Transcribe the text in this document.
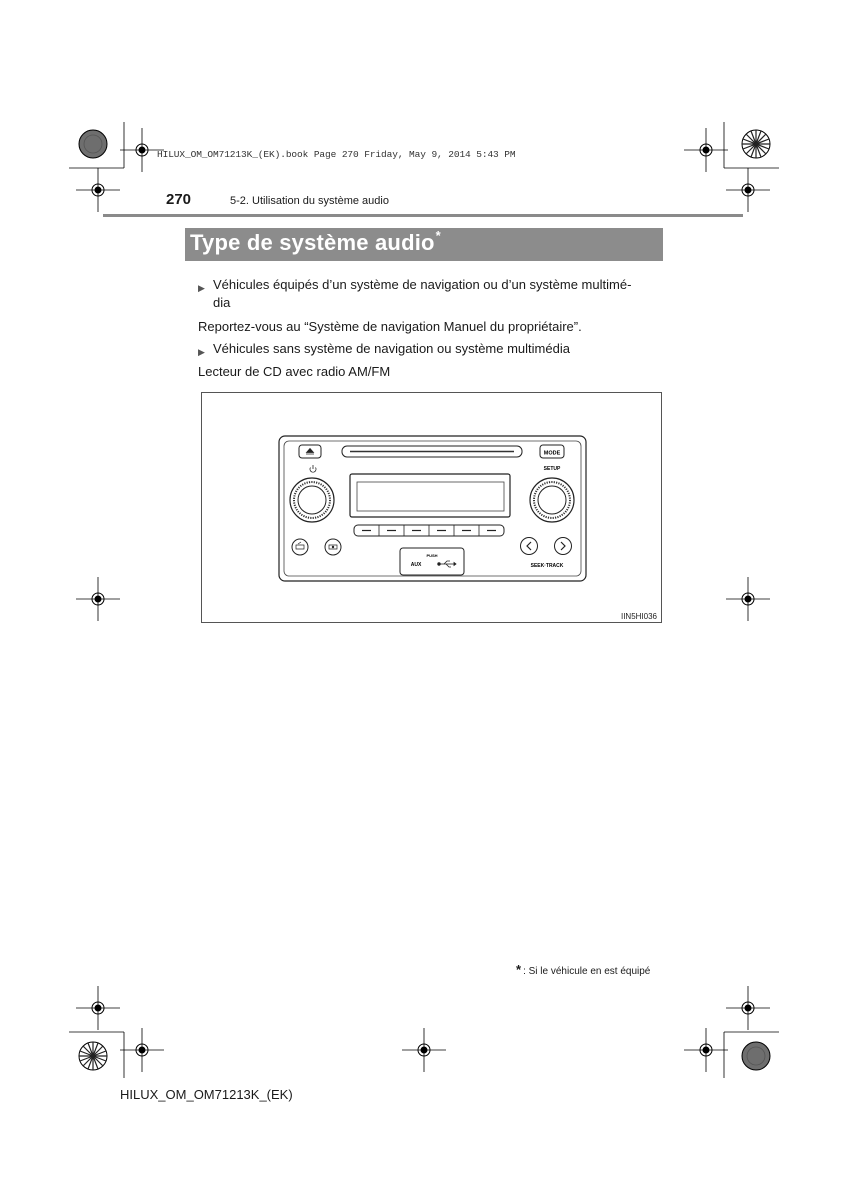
HILUX_OM_OM71213K_(EK).book Page 270 Friday, May 9, 2014 5:43 PM
270	5-2. Utilisation du système audio
Type de système audio*
▶ Véhicules équipés d’un système de navigation ou d’un système multimé-
dia
Reportez-vous au “Système de navigation Manuel du propriétaire”.
▶ Véhicules sans système de navigation ou système multimédia
Lecteur de CD avec radio AM/FM
MODE
SETUP
SEEK·TRACK
PUSH
AUX
IIN5HI036
* : Si le véhicule en est équipé
HILUX_OM_OM71213K_(EK)
